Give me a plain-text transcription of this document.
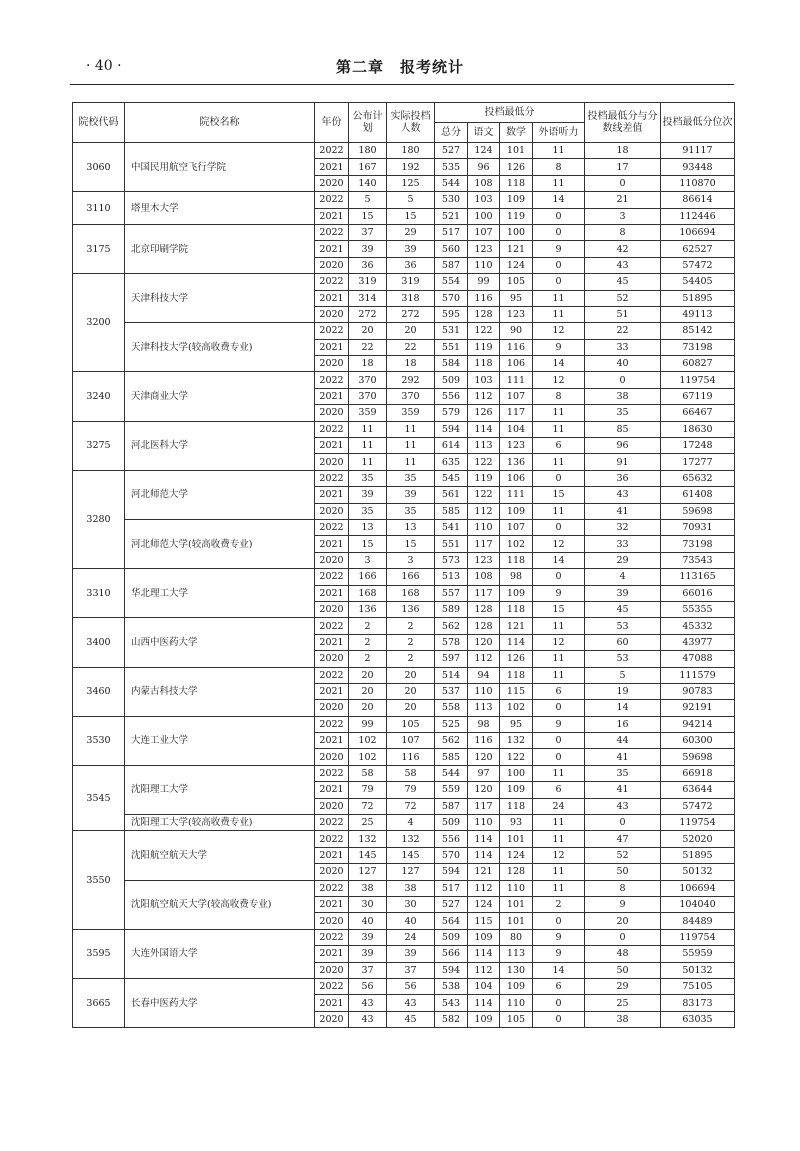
· 40 ·	第二章　报考统计
院校代码	院校名称	年份	公布计划	实际投档人数	投档最低分				投档最低分与分数线差值	投档最低分位次
					总分	语文	数学	外语听力		
3060	中国民用航空飞行学院	2022	180	180	527	124	101	11	18	91117
		2021	167	192	535	96	126	8	17	93448
		2020	140	125	544	108	118	11	0	110870
3110	塔里木大学	2022	5	5	530	103	109	14	21	86614
		2021	15	15	521	100	119	0	3	112446
3175	北京印刷学院	2022	37	29	517	107	100	0	8	106694
		2021	39	39	560	123	121	9	42	62527
		2020	36	36	587	110	124	0	43	57472
3200	天津科技大学	2022	319	319	554	99	105	0	45	54405
		2021	314	318	570	116	95	11	52	51895
		2020	272	272	595	128	123	11	51	49113
	天津科技大学(较高收费专业)	2022	20	20	531	122	90	12	22	85142
		2021	22	22	551	119	116	9	33	73198
		2020	18	18	584	118	106	14	40	60827
3240	天津商业大学	2022	370	292	509	103	111	12	0	119754
		2021	370	370	556	112	107	8	38	67119
		2020	359	359	579	126	117	11	35	66467
3275	河北医科大学	2022	11	11	594	114	104	11	85	18630
		2021	11	11	614	113	123	6	96	17248
		2020	11	11	635	122	136	11	91	17277
3280	河北师范大学	2022	35	35	545	119	106	0	36	65632
		2021	39	39	561	122	111	15	43	61408
		2020	35	35	585	112	109	11	41	59698
	河北师范大学(较高收费专业)	2022	13	13	541	110	107	0	32	70931
		2021	15	15	551	117	102	12	33	73198
		2020	3	3	573	123	118	14	29	73543
3310	华北理工大学	2022	166	166	513	108	98	0	4	113165
		2021	168	168	557	117	109	9	39	66016
		2020	136	136	589	128	118	15	45	55355
3400	山西中医药大学	2022	2	2	562	128	121	11	53	45332
		2021	2	2	578	120	114	12	60	43977
		2020	2	2	597	112	126	11	53	47088
3460	内蒙古科技大学	2022	20	20	514	94	118	11	5	111579
		2021	20	20	537	110	115	6	19	90783
		2020	20	20	558	113	102	0	14	92191
3530	大连工业大学	2022	99	105	525	98	95	9	16	94214
		2021	102	107	562	116	132	0	44	60300
		2020	102	116	585	120	122	0	41	59698
3545	沈阳理工大学	2022	58	58	544	97	100	11	35	66918
		2021	79	79	559	120	109	6	41	63644
		2020	72	72	587	117	118	24	43	57472
	沈阳理工大学(较高收费专业)	2022	25	4	509	110	93	11	0	119754
3550	沈阳航空航天大学	2022	132	132	556	114	101	11	47	52020
		2021	145	145	570	114	124	12	52	51895
		2020	127	127	594	121	128	11	50	50132
	沈阳航空航天大学(较高收费专业)	2022	38	38	517	112	110	11	8	106694
		2021	30	30	527	124	101	2	9	104040
		2020	40	40	564	115	101	0	20	84489
3595	大连外国语大学	2022	39	24	509	109	80	9	0	119754
		2021	39	39	566	114	113	9	48	55959
		2020	37	37	594	112	130	14	50	50132
3665	长春中医药大学	2022	56	56	538	104	109	6	29	75105
		2021	43	43	543	114	110	0	25	83173
		2020	43	45	582	109	105	0	38	63035
